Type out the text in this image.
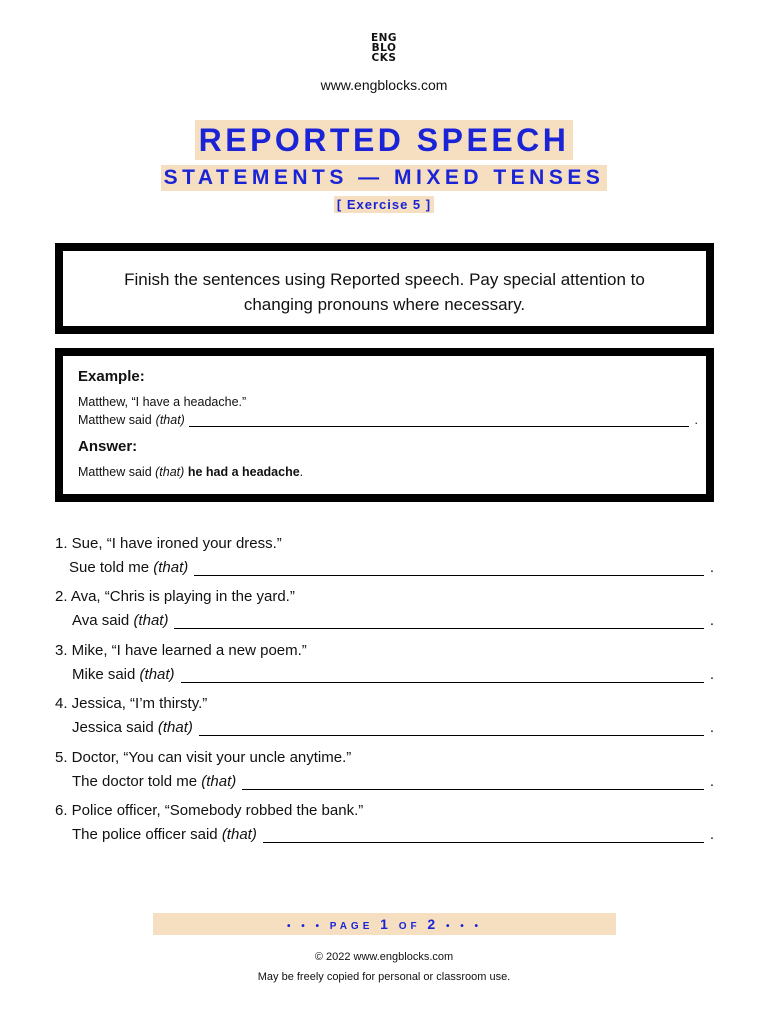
ENG
BLO
CKS
www.engblocks.com
REPORTED SPEECH
STATEMENTS — MIXED TENSES
[ Exercise 5 ]
Finish the sentences using Reported speech. Pay special attention to changing pronouns where necessary.
Example:
Matthew, “I have a headache.”
Matthew said (that)	.
Answer:
Matthew said (that) he had a headache.
1. Sue, “I have ironed your dress.”
Sue told me
(that)	.
2. Ava, “Chris is playing in the yard.”
Ava said
(that)	.
3. Mike, “I have learned a new poem.”
Mike said
(that)	.
4. Jessica, “I’m thirsty.”
Jessica said
(that)	.
5. Doctor, “You can visit your uncle anytime.”
The doctor told me
(that)	.
6. Police officer, “Somebody robbed the bank.”
The police officer said
(that)	.
• • • PAGE 1 OF 2 • • •
© 2022 www.engblocks.com
May be freely copied for personal or classroom use.
